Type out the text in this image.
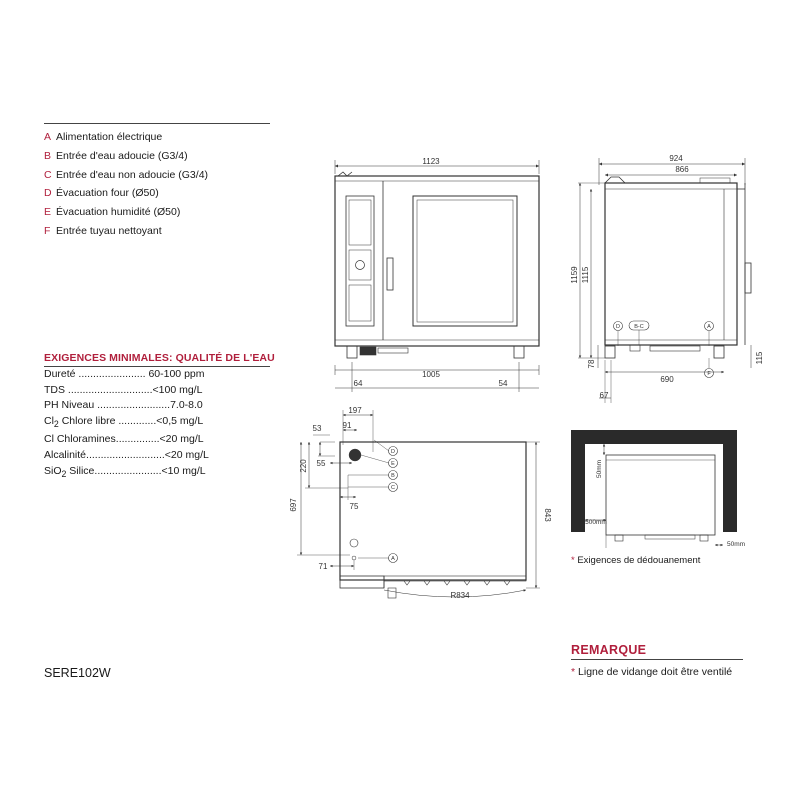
A Alimentation électrique
B Entrée d'eau adoucie (G3/4)
C Entrée d'eau non adoucie (G3/4)
D Évacuation four (Ø50)
E Évacuation humidité (Ø50)
F Entrée tuyau nettoyant
EXIGENCES MINIMALES: QUALITÉ DE L'EAU
Dureté ....................... 60-100 ppm
TDS .............................<100 mg/L
PH Niveau .........................7.0-8.0
$Cl_2$ Chlore libre .............<0,5 mg/L
Cl Chloramines...............<20 mg/L
Alcalinité...........................<20 mg/L
SiO$_2$ Silice.......................<10 mg/L
SERE102W
1123
1005
64	54
924
866
690
67
1159 1115
78	115
D	B-C	A
F
197
91
53
220 55
75
697
71
843
R834
D
E
B
C
A
50mm
500mm
50mm
* Exigences de dédouanement
REMARQUE
* Ligne de vidange doit être ventilé
